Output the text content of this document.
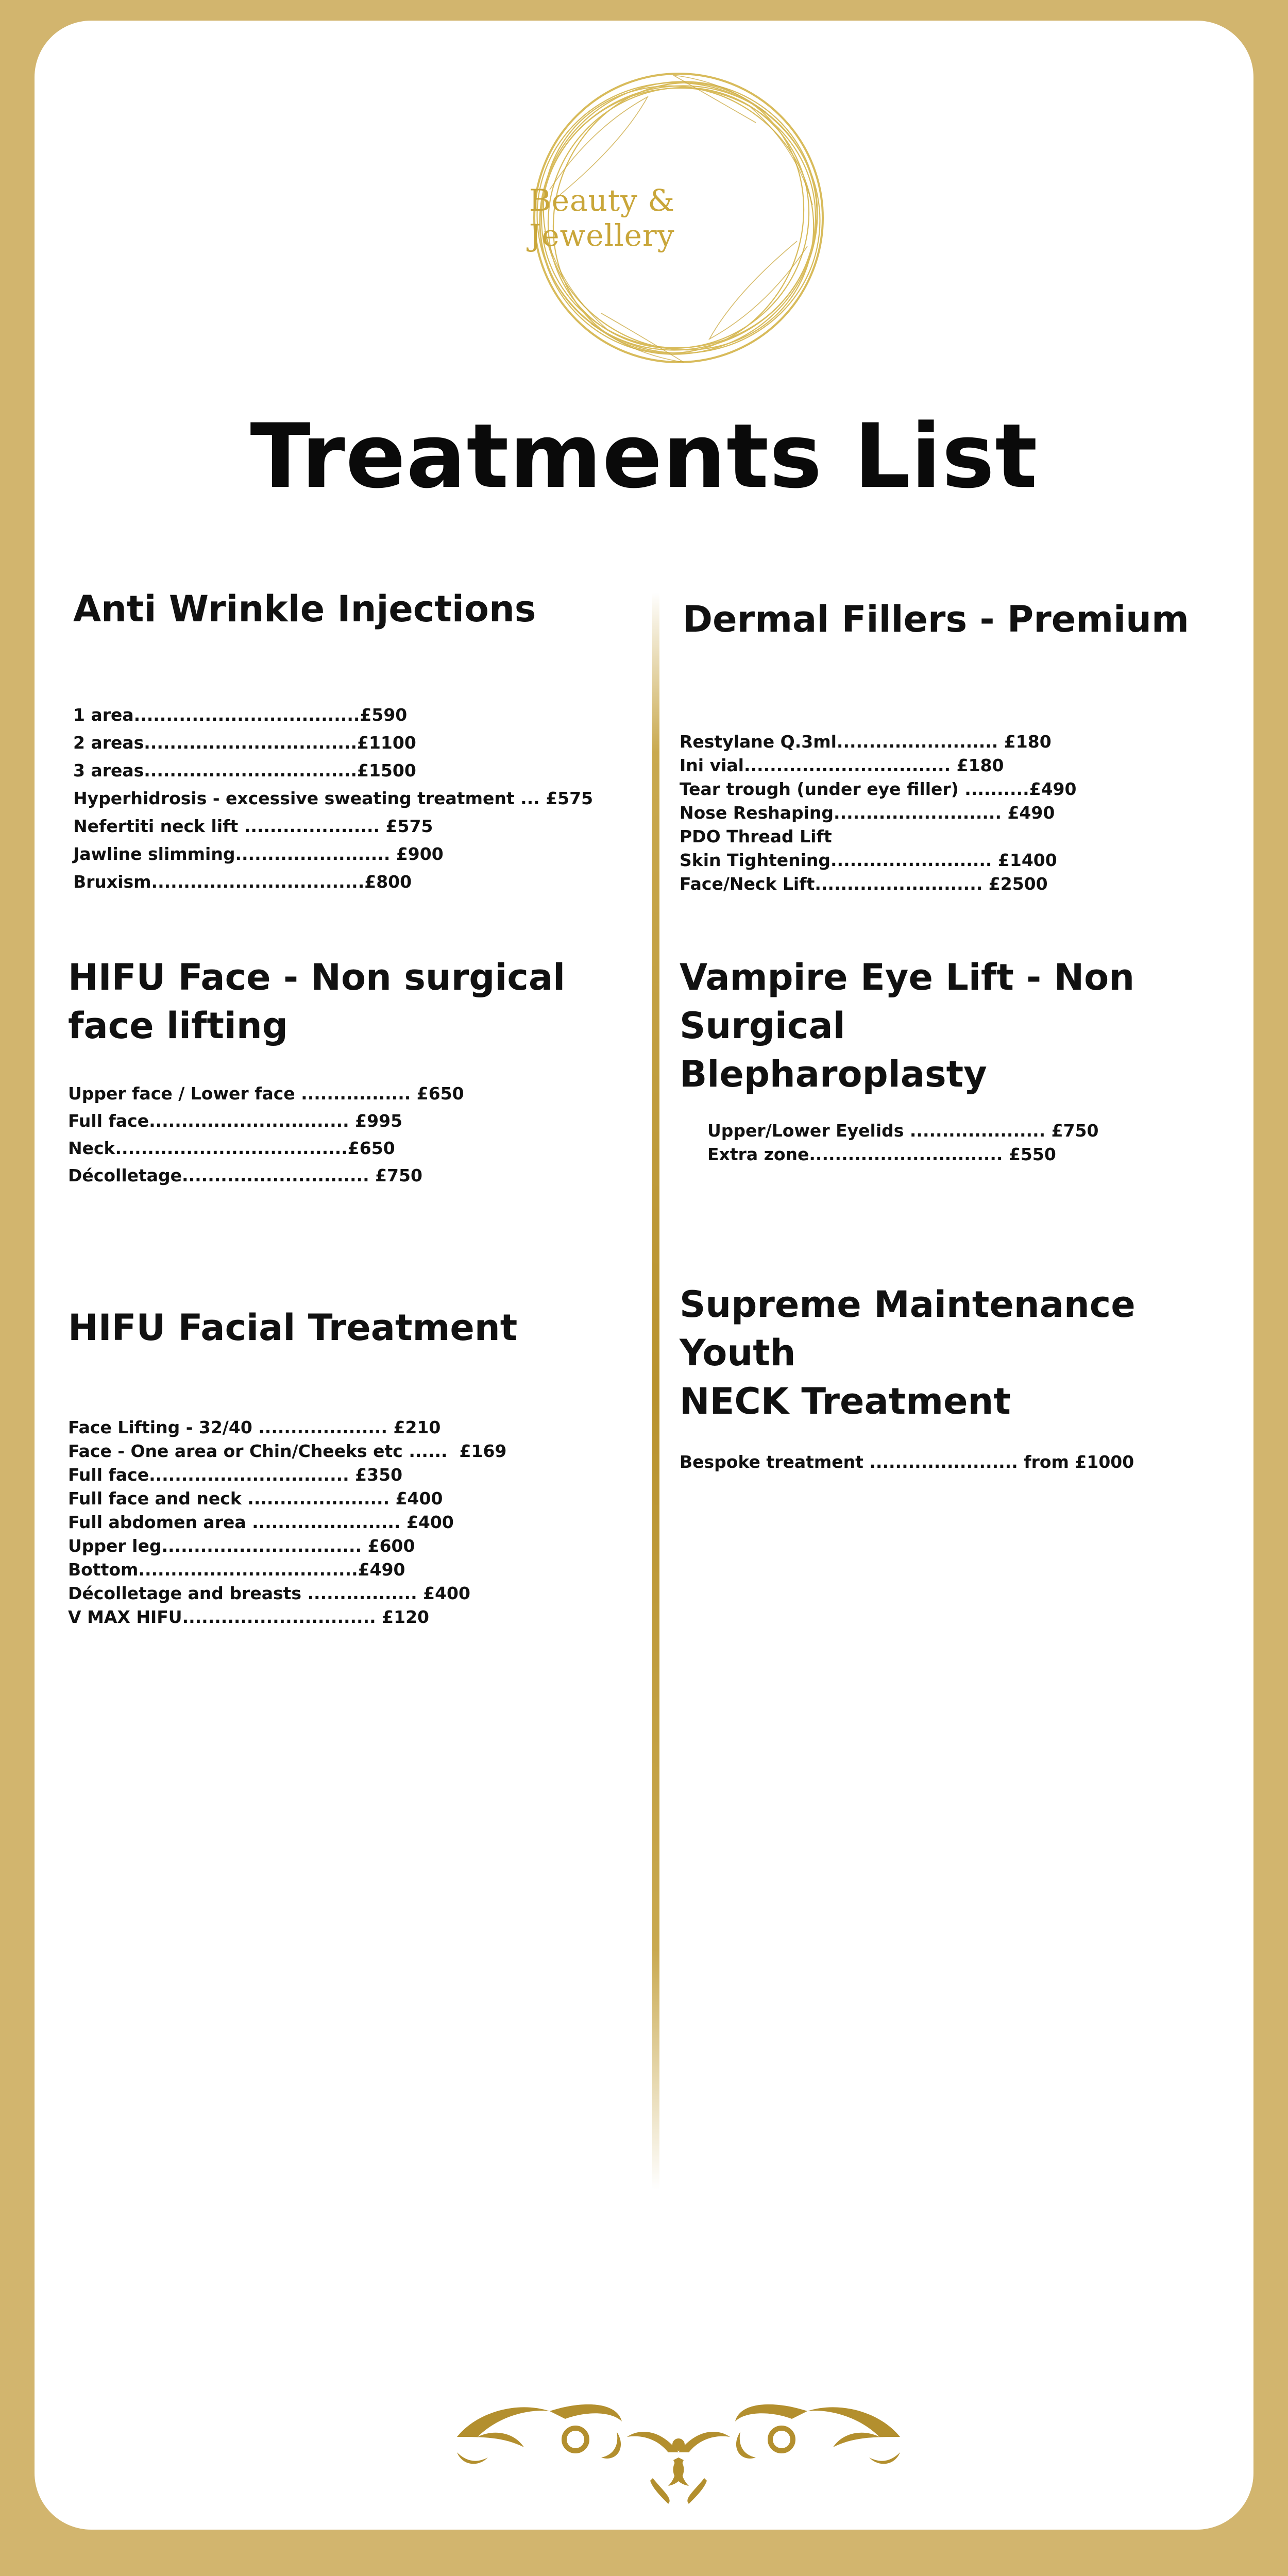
Beauty & Jewellery
Treatments List
Anti Wrinkle Injections
1 area...................................£590
2 areas.................................£1100
3 areas.................................£1500
Hyperhidrosis - excessive sweating treatment ... £575
Nefertiti neck lift ..................... £575
Jawline slimming........................ £900
Bruxism.................................£800
Dermal Fillers - Premium
Restylane Q.3ml......................... £180
Ini vial................................ £180
Tear trough (under eye filler) ..........£490
Nose Reshaping.......................... £490
PDO Thread Lift
Skin Tightening......................... £1400
Face/Neck Lift.......................... £2500
HIFU Face - Non surgical
face lifting
Upper face / Lower face ................. £650
Full face............................... £995
Neck....................................£650
Décolletage............................. £750
Vampire Eye Lift - Non Surgical
Blepharoplasty
Upper/Lower Eyelids ..................... £750
Extra zone.............................. £550
HIFU Facial Treatment
Face Lifting - 32/40 .................... £210
Face - One area or Chin/Cheeks etc ......  £169
Full face............................... £350
Full face and neck ...................... £400
Full abdomen area ....................... £400
Upper leg............................... £600
Bottom..................................£490
Décolletage and breasts ................. £400
V MAX HIFU.............................. £120
Supreme Maintenance Youth
NECK Treatment
Bespoke treatment ....................... from £1000
